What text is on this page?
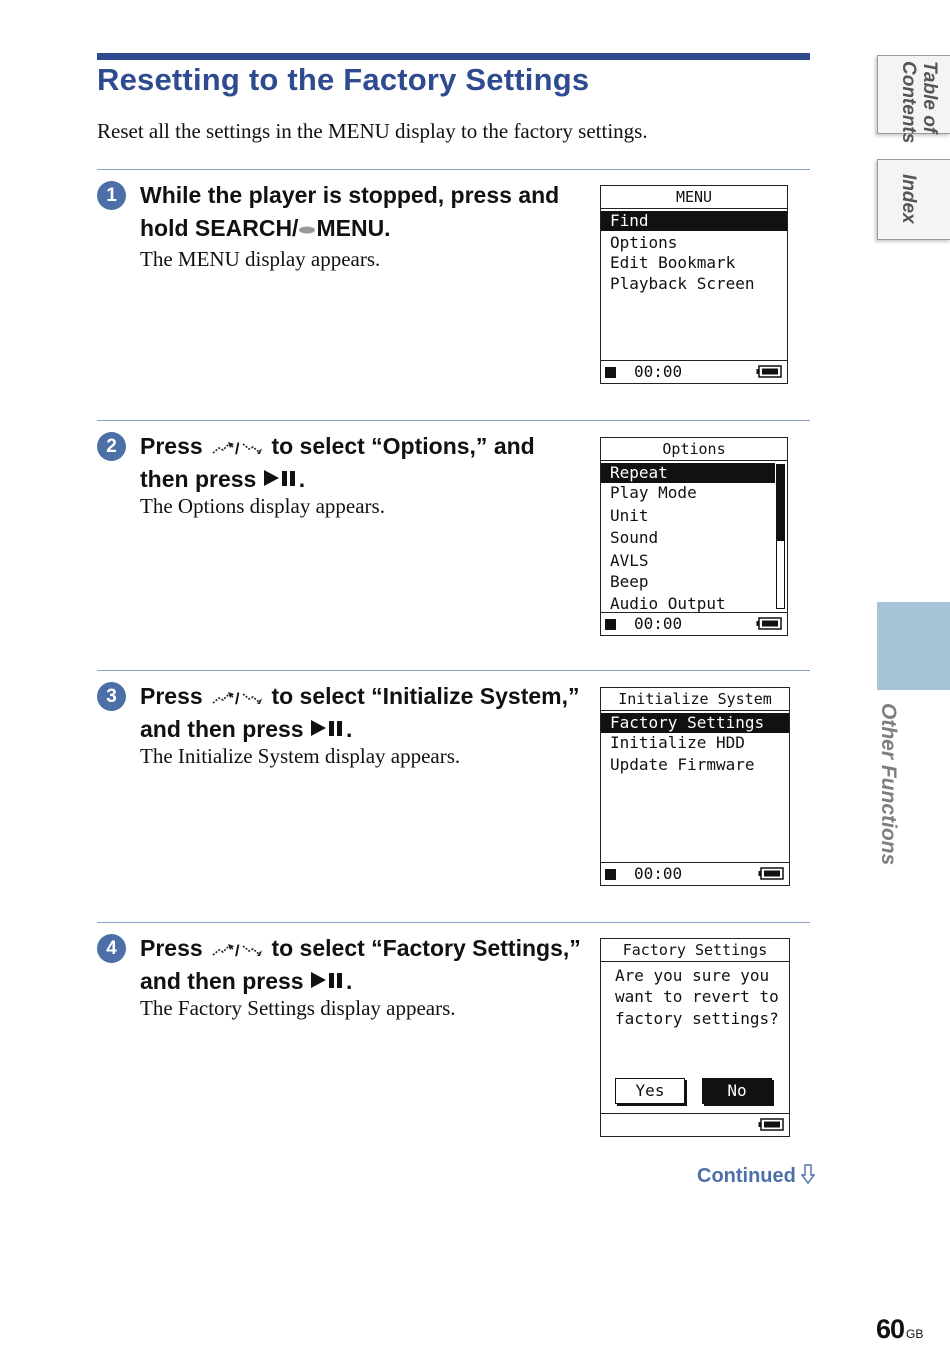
Resetting to the Factory Settings
Reset all the settings in the MENU display to the factory settings.
1	While the player is stopped, press and
hold SEARCH/ MENU.
The MENU display appears.
2	Press / to select “Options,” and
then press .
The Options display appears.
3	Press / to select “Initialize System,”
and then press .
The Initialize System display appears.
4	Press / to select “Factory Settings,”
and then press .
The Factory Settings display appears.
MENU
Find
Options
Edit Bookmark
Playback Screen
00:00
Options
Repeat
Play Mode
Unit
Sound
AVLS
Beep
Audio Output
00:00
Initialize System
Factory Settings
Initialize HDD
Update Firmware
00:00
Factory Settings
Are you sure you
want to revert to
factory settings?
Yes	No
Table of
Contents
Index
Other Functions
Continued
60 GB
